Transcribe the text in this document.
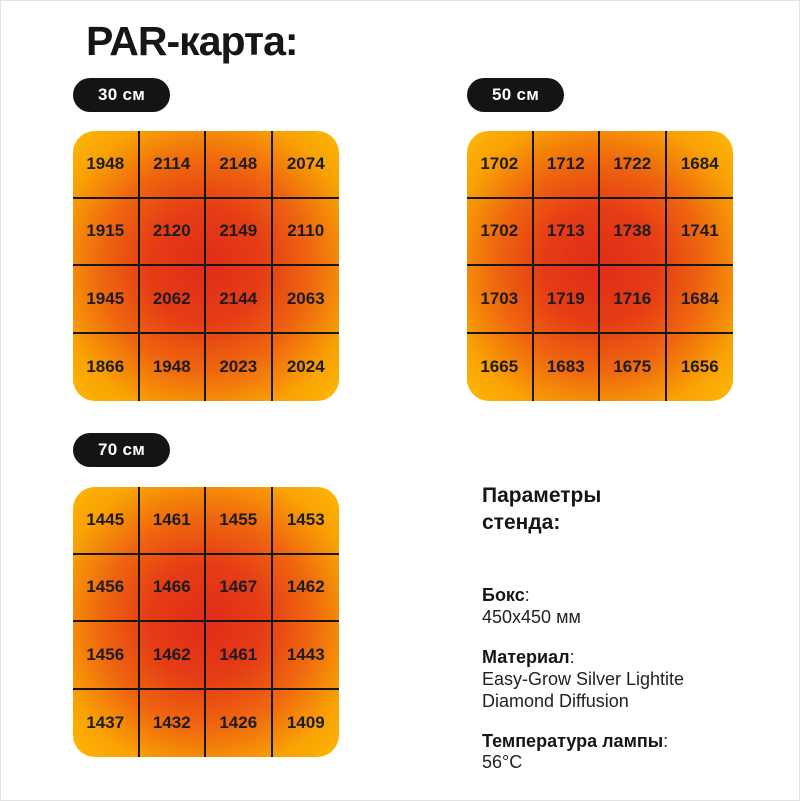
PAR-карта:
30 см	50 см
70 см
1948	2114	2148	2074
1915	2120	2149	2110
1945	2062	2144	2063
1866	1948	2023	2024
1702	1712	1722	1684
1702	1713	1738	1741
1703	1719	1716	1684
1665	1683	1675	1656
1445	1461	1455	1453
1456	1466	1467	1462
1456	1462	1461	1443
1437	1432	1426	1409
Параметры стенда:

Бокс:
450x450 мм

Материал:
Easy-Grow Silver Lightite Diamond Diffusion

Температура лампы:
56°C
